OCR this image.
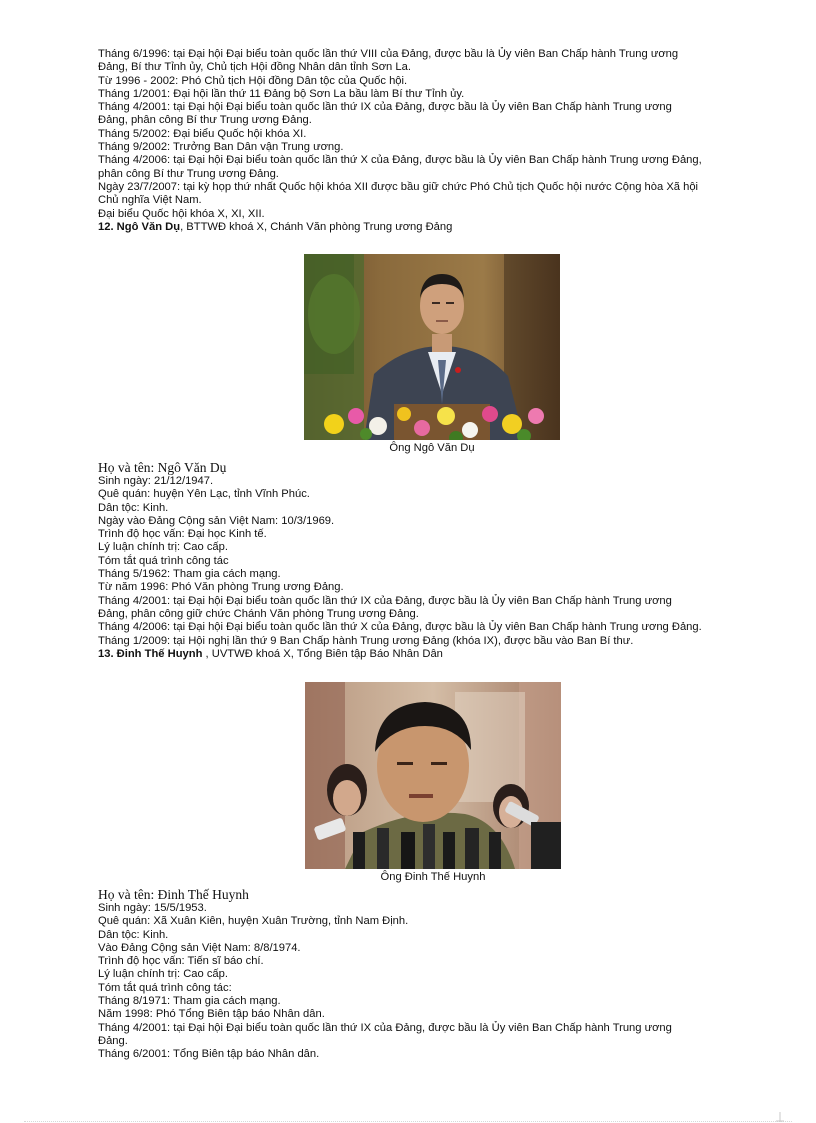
Tháng 6/1996: tại Đại hội Đại biểu toàn quốc lần thứ VIII của Đảng, được bầu là Ủy viên Ban Chấp hành Trung ương
Đảng, Bí thư Tỉnh ủy, Chủ tịch Hội đồng Nhân dân tỉnh Sơn La.
Từ 1996 - 2002: Phó Chủ tịch Hội đồng Dân tộc của Quốc hội.
Tháng 1/2001: Đại hội lần thứ 11 Đảng bộ Sơn La bầu làm Bí thư Tỉnh ủy.
Tháng 4/2001: tại Đại hội Đại biểu toàn quốc lần thứ IX của Đảng, được bầu là Ủy viên Ban Chấp hành Trung ương
Đảng, phân công Bí thư Trung ương Đảng.
Tháng 5/2002: Đại biểu Quốc hội khóa XI.
Tháng 9/2002: Trưởng Ban Dân vận Trung ương.
Tháng 4/2006: tại Đại hội Đại biểu toàn quốc lần thứ X của Đảng, được bầu là Ủy viên Ban Chấp hành Trung ương Đảng,
phân công Bí thư Trung ương Đảng.
Ngày 23/7/2007: tại kỳ họp thứ nhất Quốc hội khóa XII được bầu giữ chức Phó Chủ tịch Quốc hội nước Cộng hòa Xã hội
Chủ nghĩa Việt Nam.
Đại biểu Quốc hội khóa X, XI, XII.
12. Ngô Văn Dụ, BTTWĐ khoá X, Chánh Văn phòng Trung ương Đảng
Ông Ngô Văn Dụ
Họ và tên: Ngô Văn Dụ
Sinh ngày: 21/12/1947.
Quê quán: huyện Yên Lạc, tỉnh Vĩnh Phúc.
Dân tộc: Kinh.
Ngày vào Đảng Cộng sản Việt Nam: 10/3/1969.
Trình độ học vấn: Đại học Kinh tế.
Lý luận chính trị: Cao cấp.
Tóm tắt quá trình công tác
Tháng 5/1962: Tham gia cách mạng.
Từ năm 1996: Phó Văn phòng Trung ương Đảng.
Tháng 4/2001: tại Đại hội Đại biểu toàn quốc lần thứ IX của Đảng, được bầu là Ủy viên Ban Chấp hành Trung ương
Đảng, phân công giữ chức Chánh Văn phòng Trung ương Đảng.
Tháng 4/2006: tại Đại hội Đại biểu toàn quốc lần thứ X của Đảng, được bầu là Ủy viên Ban Chấp hành Trung ương Đảng.
Tháng 1/2009: tại Hội nghị lần thứ 9 Ban Chấp hành Trung ương Đảng (khóa IX), được bầu vào Ban Bí thư.
13. Đinh Thế Huynh , UVTWĐ khoá X, Tổng Biên tập Báo Nhân Dân
Ông Đinh Thế Huynh
Họ và tên: Đinh Thế Huynh
Sinh ngày: 15/5/1953.
Quê quán: Xã Xuân Kiên, huyện Xuân Trường, tỉnh Nam Định.
Dân tộc: Kinh.
Vào Đảng Cộng sản Việt Nam: 8/8/1974.
Trình độ học vấn: Tiến sĩ báo chí.
Lý luận chính trị: Cao cấp.
Tóm tắt quá trình công tác:
Tháng 8/1971: Tham gia cách mạng.
Năm 1998: Phó Tổng Biên tập báo Nhân dân.
Tháng 4/2001: tại Đại hội Đại biểu toàn quốc lần thứ IX của Đảng, được bầu là Ủy viên Ban Chấp hành Trung ương
Đảng.
Tháng 6/2001: Tổng Biên tập báo Nhân dân.
